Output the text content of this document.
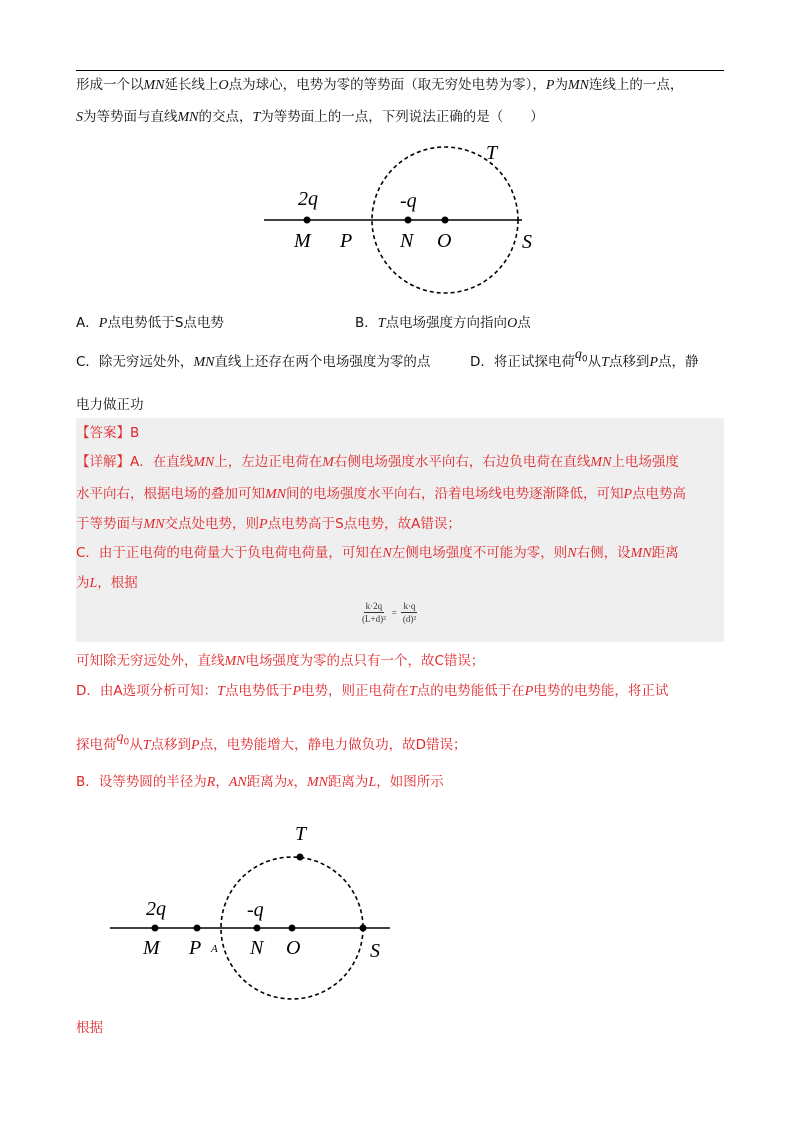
形成一个以MN延长线上O点为球心，电势为零的等势面（取无穷处电势为零），P为MN连线上的一点，
S为等势面与直线MN的交点，T为等势面上的一点，下列说法正确的是（　　）
2q	-q
M P N O	S
T
A．P点电势低于S点电势	B．T点电场强度方向指向O点
C．除无穷远处外，MN直线上还存在两个电场强度为零的点	D．将正试探电荷$q_0$从T点移到P点，静
电力做正功
【答案】B
【详解】A．在直线MN上，左边正电荷在M右侧电场强度水平向右，右边负电荷在直线MN上电场强度
水平向右，根据电场的叠加可知MN间的电场强度水平向右，沿着电场线电势逐渐降低，可知P点电势高
于等势面与MN交点处电势，则P点电势高于S点电势，故A错误；
C．由于正电荷的电荷量大于负电荷电荷量，可知在N左侧电场强度不可能为零，则N右侧，设MN距离
为L，根据
$\frac{k\cdot 2q}{\text{(L+d)²}} = \frac{k\cdot q}{\text{(d)²}}$
可知除无穷远处外，直线MN电场强度为零的点只有一个，故C错误；
D．由A选项分析可知：T点电势低于P电势，则正电荷在T点的电势能低于在P电势的电势能，将正试
探电荷$q_0$从T点移到P点，电势能增大，静电力做负功，故D错误；
B．设等势圆的半径为R，AN距离为x，MN距离为L，如图所示
T
2q	-q
M P A N O	S
根据
